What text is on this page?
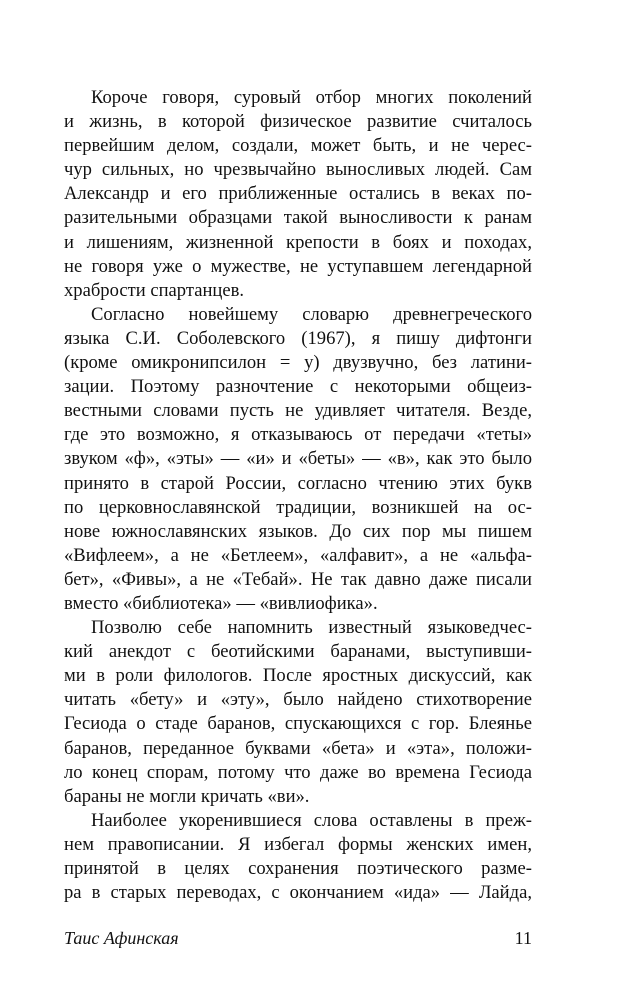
Короче говоря, суровый отбор многих поколений
и жизнь, в которой физическое развитие считалось
первейшим делом, создали, может быть, и не черес-
чур сильных, но чрезвычайно выносливых людей. Сам
Александр и его приближенные остались в веках по-
разительными образцами такой выносливости к ранам
и лишениям, жизненной крепости в боях и походах,
не говоря уже о мужестве, не уступавшем легендарной
храбрости спартанцев.
Согласно новейшему словарю древнегреческого
языка С.И. Соболевского (1967), я пишу дифтонги
(кроме омикронипсилон = у) двузвучно, без латини-
зации. Поэтому разночтение с некоторыми общеиз-
вестными словами пусть не удивляет читателя. Везде,
где это возможно, я отказываюсь от передачи «теты»
звуком «ф», «эты» — «и» и «беты» — «в», как это было
принято в старой России, согласно чтению этих букв
по церковнославянской традиции, возникшей на ос-
нове южнославянских языков. До сих пор мы пишем
«Вифлеем», а не «Бетлеем», «алфавит», а не «альфа-
бет», «Фивы», а не «Тебай». Не так давно даже писали
вместо «библиотека» — «вивлиофика».
Позволю себе напомнить известный языковедчес-
кий анекдот с беотийскими баранами, выступивши-
ми в роли филологов. После яростных дискуссий, как
читать «бету» и «эту», было найдено стихотворение
Гесиода о стаде баранов, спускающихся с гор. Блеянье
баранов, переданное буквами «бета» и «эта», положи-
ло конец спорам, потому что даже во времена Гесиода
бараны не могли кричать «ви».
Наиболее укоренившиеся слова оставлены в преж-
нем правописании. Я избегал формы женских имен,
принятой в целях сохранения поэтического разме-
ра в старых переводах, с окончанием «ида» — Лайда,
Таис Афинская	11
